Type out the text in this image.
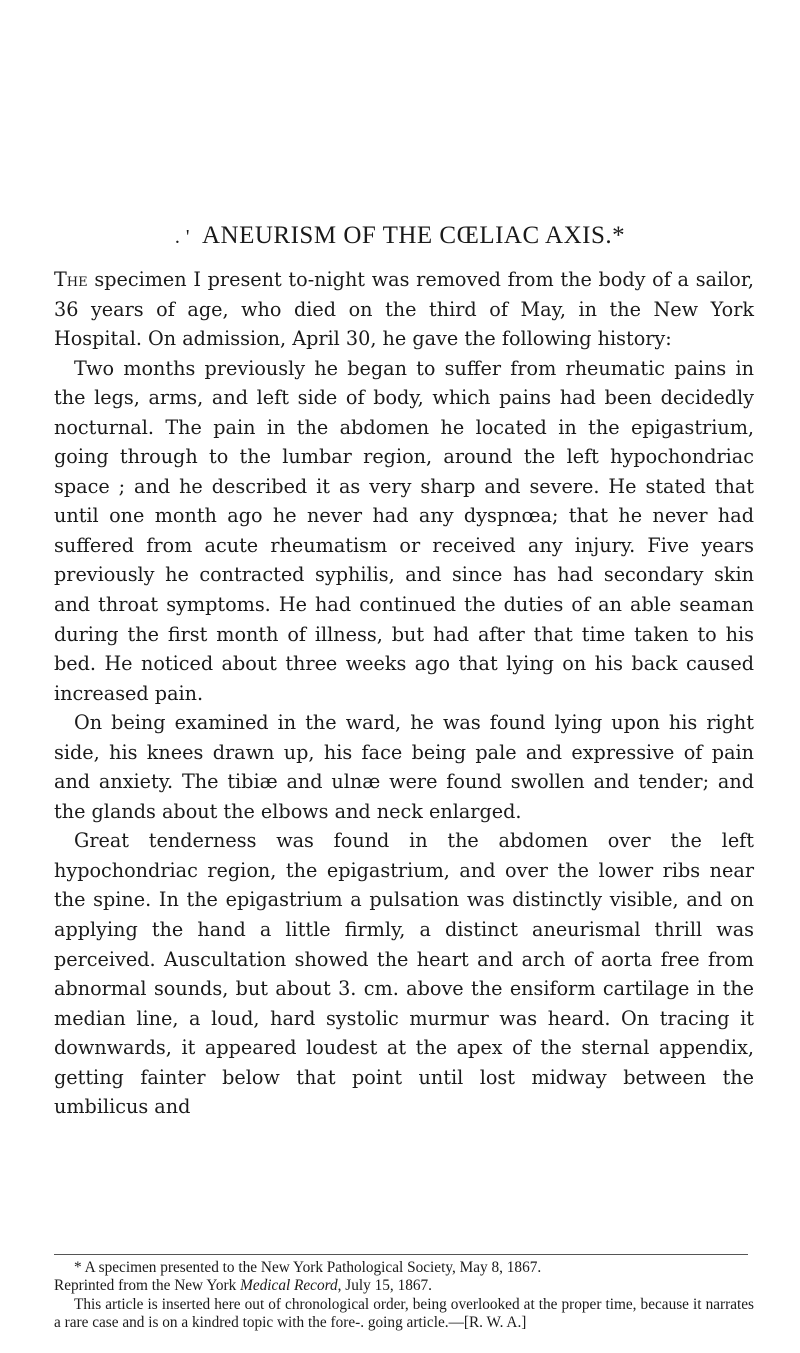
. ' ANEURISM OF THE CŒLIAC AXIS.*

The specimen I present to-night was removed from the body of a sailor, 36 years of age, who died on the third of May, in the New York Hospital. On admission, April 30, he gave the following history:

Two months previously he began to suffer from rheumatic pains in the legs, arms, and left side of body, which pains had been decidedly nocturnal. The pain in the abdomen he located in the epigastrium, going through to the lumbar region, around the left hypochondriac space ; and he described it as very sharp and severe. He stated that until one month ago he never had any dyspnœa; that he never had suffered from acute rheumatism or received any injury. Five years previously he contracted syphilis, and since has had secondary skin and throat symptoms. He had continued the duties of an able seaman during the first month of illness, but had after that time taken to his bed. He noticed about three weeks ago that lying on his back caused increased pain.

On being examined in the ward, he was found lying upon his right side, his knees drawn up, his face being pale and expressive of pain and anxiety. The tibiæ and ulnæ were found swollen and tender; and the glands about the elbows and neck enlarged.

Great tenderness was found in the abdomen over the left hypochondriac region, the epigastrium, and over the lower ribs near the spine. In the epigastrium a pulsation was distinctly visible, and on applying the hand a little firmly, a distinct aneurismal thrill was perceived. Auscultation showed the heart and arch of aorta free from abnormal sounds, but about 3. cm. above the ensiform cartilage in the median line, a loud, hard systolic murmur was heard. On tracing it downwards, it appeared loudest at the apex of the sternal appendix, getting fainter below that point until lost midway between the umbilicus and

* A specimen presented to the New York Pathological Society, May 8, 1867.

Reprinted from the New York Medical Record, July 15, 1867.

This article is inserted here out of chronological order, being overlooked at the proper time, because it narrates a rare case and is on a kindred topic with the fore-. going article.—[R. W. A.]
